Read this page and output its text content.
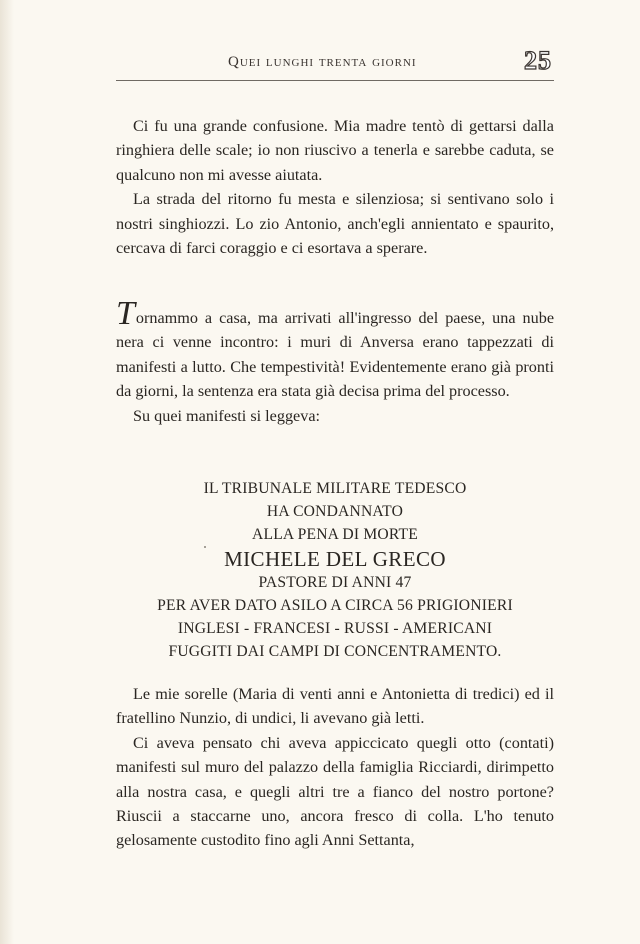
Quei lunghi trenta giorni	25

Ci fu una grande confusione. Mia madre tentò di gettarsi dalla ringhiera delle scale; io non riuscivo a tenerla e sarebbe caduta, se qualcuno non mi avesse aiutata.

La strada del ritorno fu mesta e silenziosa; si sentivano solo i nostri singhiozzi. Lo zio Antonio, anch'egli annientato e spaurito, cercava di farci coraggio e ci esortava a sperare.

Tornammo a casa, ma arrivati all'ingresso del paese, una nube nera ci venne incontro: i muri di Anversa erano tappezzati di manifesti a lutto. Che tempestività! Evidentemente erano già pronti da giorni, la sentenza era stata già decisa prima del processo.

Su quei manifesti si leggeva:

IL TRIBUNALE MILITARE TEDESCO
HA CONDANNATO
ALLA PENA DI MORTE
MICHELE DEL GRECO
PASTORE DI ANNI 47
PER AVER DATO ASILO A CIRCA 56 PRIGIONIERI
INGLESI - FRANCESI - RUSSI - AMERICANI
FUGGITI DAI CAMPI DI CONCENTRAMENTO.

Le mie sorelle (Maria di venti anni e Antonietta di tredici) ed il fratellino Nunzio, di undici, li avevano già letti.

Ci aveva pensato chi aveva appiccicato quegli otto (contati) manifesti sul muro del palazzo della famiglia Ricciardi, dirimpetto alla nostra casa, e quegli altri tre a fianco del nostro portone? Riuscii a staccarne uno, ancora fresco di colla. L'ho tenuto gelosamente custodito fino agli Anni Settanta,
